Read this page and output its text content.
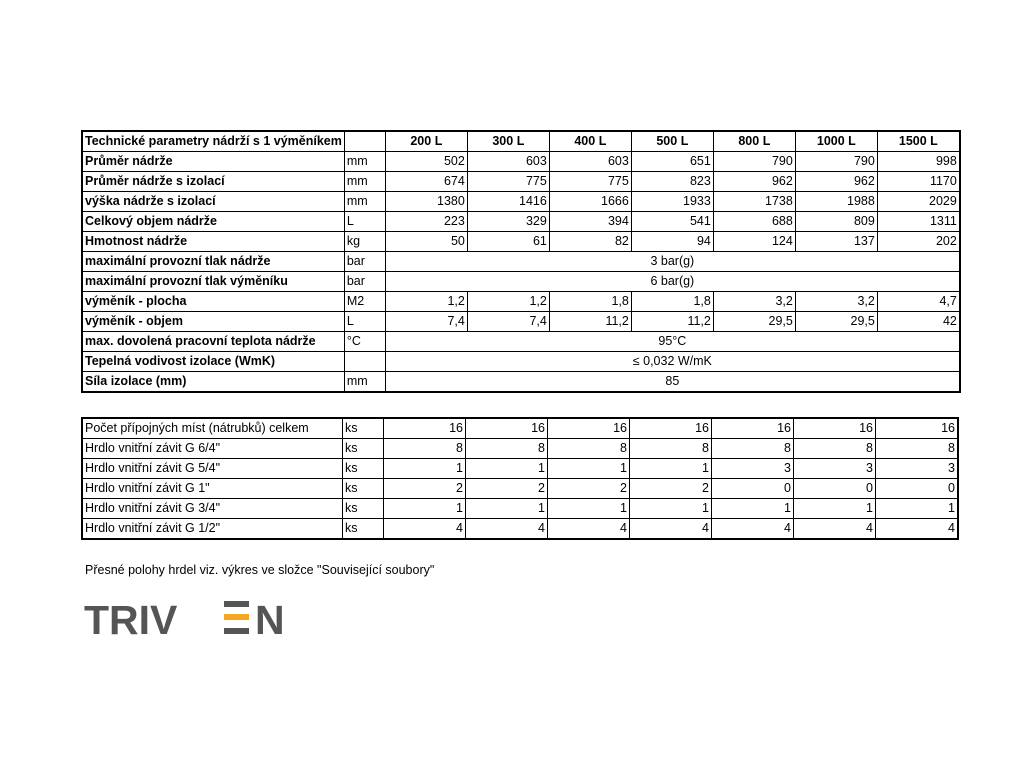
Technické parametry nádrží s 1 výměníkem		200 L	300 L	400 L	500 L	800 L	1000 L	1500 L
Průměr nádrže	mm	502	603	603	651	790	790	998
Průměr nádrže s izolací	mm	674	775	775	823	962	962	1170
výška nádrže s izolací	mm	1380	1416	1666	1933	1738	1988	2029
Celkový objem nádrže	L	223	329	394	541	688	809	1311
Hmotnost nádrže	kg	50	61	82	94	124	137	202
maximální provozní tlak nádrže	bar	3 bar(g)						
maximální provozní tlak výměníku	bar	6 bar(g)						
výměník - plocha	M2	1,2	1,2	1,8	1,8	3,2	3,2	4,7
výměník - objem	L	7,4	7,4	11,2	11,2	29,5	29,5	42
max. dovolená pracovní teplota nádrže	°C	95°C						
Tepelná vodivost izolace (WmK)		≤ 0,032 W/mK						
Síla izolace (mm)	mm	85						
Počet přípojných míst (nátrubků) celkem	ks	16	16	16	16	16	16	16
Hrdlo vnitřní závit G 6/4"	ks	8	8	8	8	8	8	8
Hrdlo vnitřní závit G 5/4"	ks	1	1	1	1	3	3	3
Hrdlo vnitřní závit G 1"	ks	2	2	2	2	0	0	0
Hrdlo vnitřní závit G 3/4"	ks	1	1	1	1	1	1	1
Hrdlo vnitřní závit G 1/2"	ks	4	4	4	4	4	4	4
Přesné polohy hrdel viz. výkres ve složce "Související soubory"
TRIV N
